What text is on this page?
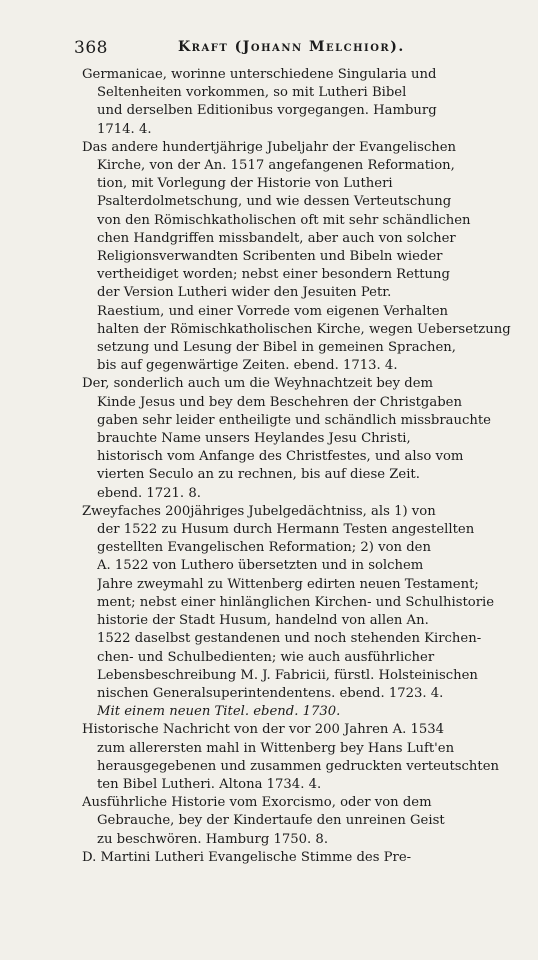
368	Kraft (Johann Melchior).

Germanicae, worinne unterschiedene Singularia und
Seltenheiten vorkommen, so mit Lutheri Bibel
und derselben Editionibus vorgegangen. Hamburg
1714. 4.

Das andere hundertjährige Jubeljahr der Evangelischen
Kirche, von der An. 1517 angefangenen Reformation,
tion, mit Vorlegung der Historie von Lutheri
Psalterdolmetschung, und wie dessen Verteutschung
von den Römischkatholischen oft mit sehr schändlichen
chen Handgriffen missbandelt, aber auch von solcher
Religionsverwandten Scribenten und Bibeln wieder
vertheidiget worden; nebst einer besondern Rettung
der Version Lutheri wider den Jesuiten Petr.
Raestium, und einer Vorrede vom eigenen Verhalten
halten der Römischkatholischen Kirche, wegen Uebersetzung
setzung und Lesung der Bibel in gemeinen Sprachen,
bis auf gegenwärtige Zeiten. ebend. 1713. 4.

Der, sonderlich auch um die Weyhnachtzeit bey dem
Kinde Jesus und bey dem Beschehren der Christgaben
gaben sehr leider entheiligte und schändlich missbrauchte
brauchte Name unsers Heylandes Jesu Christi,
historisch vom Anfange des Christfestes, und also vom
vierten Seculo an zu rechnen, bis auf diese Zeit.
ebend. 1721. 8.

Zweyfaches 200jähriges Jubelgedächtniss, als 1) von
der 1522 zu Husum durch Hermann Testen angestellten
gestellten Evangelischen Reformation; 2) von den
A. 1522 von Luthero übersetzten und in solchem
Jahre zweymahl zu Wittenberg edirten neuen Testament;
ment; nebst einer hinlänglichen Kirchen- und Schulhistorie
historie der Stadt Husum, handelnd von allen An.
1522 daselbst gestandenen und noch stehenden Kirchen-
chen- und Schulbedienten; wie auch ausführlicher
Lebensbeschreibung M. J. Fabricii, fürstl. Holsteinischen
nischen Generalsuperintendentens. ebend. 1723. 4.
Mit einem neuen Titel. ebend. 1730.

Historische Nachricht von der vor 200 Jahren A. 1534
zum allerersten mahl in Wittenberg bey Hans Luft'en
herausgegebenen und zusammen gedruckten verteutschten
ten Bibel Lutheri. Altona 1734. 4.

Ausführliche Historie vom Exorcismo, oder von dem
Gebrauche, bey der Kindertaufe den unreinen Geist
zu beschwören. Hamburg 1750. 8.

D. Martini Lutheri Evangelische Stimme des Pre-
